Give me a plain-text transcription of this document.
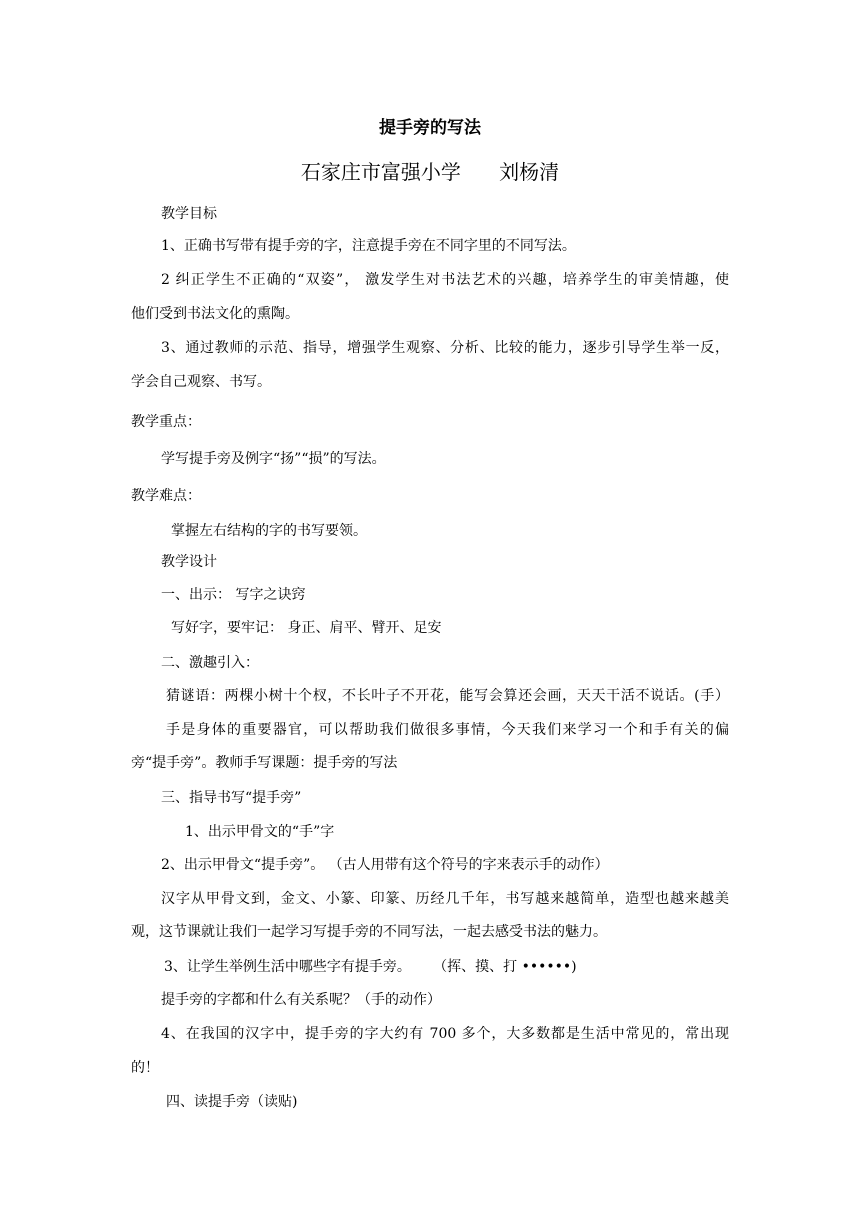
提手旁的写法
石家庄市富强小学      刘杨清
教学目标
1、正确书写带有提手旁的字，注意提手旁在不同字里的不同写法。
2 纠正学生不正确的“双姿”， 激发学生对书法艺术的兴趣，培养学生的审美情趣，使
他们受到书法文化的熏陶。
3、通过教师的示范、指导，增强学生观察、分析、比较的能力，逐步引导学生举一反，
学会自己观察、书写。
教学重点：
学写提手旁及例字“扬”“损”的写法。
教学难点：
掌握左右结构的字的书写要领。
教学设计
一、出示： 写字之诀窍
写好字，要牢记： 身正、肩平、臂开、足安
二、激趣引入：
猜谜语：两棵小树十个杈，不长叶子不开花，能写会算还会画，天天干活不说话。(手）
手是身体的重要器官，可以帮助我们做很多事情，今天我们来学习一个和手有关的偏
旁“提手旁”。教师手写课题：提手旁的写法
三、指导书写“提手旁”
1、出示甲骨文的“手”字
2、出示甲骨文“提手旁”。 （古人用带有这个符号的字来表示手的动作）
汉字从甲骨文到，金文、小篆、印篆、历经几千年，书写越来越简单，造型也越来越美
观，这节课就让我们一起学习写提手旁的不同写法，一起去感受书法的魅力。
3、让学生举例生活中哪些字有提手旁。     （挥、摸、打 ••••••)
提手旁的字都和什么有关系呢？（手的动作）
4、在我国的汉字中，提手旁的字大约有 700 多个，大多数都是生活中常见的，常出现
的！
四、读提手旁（读贴)
